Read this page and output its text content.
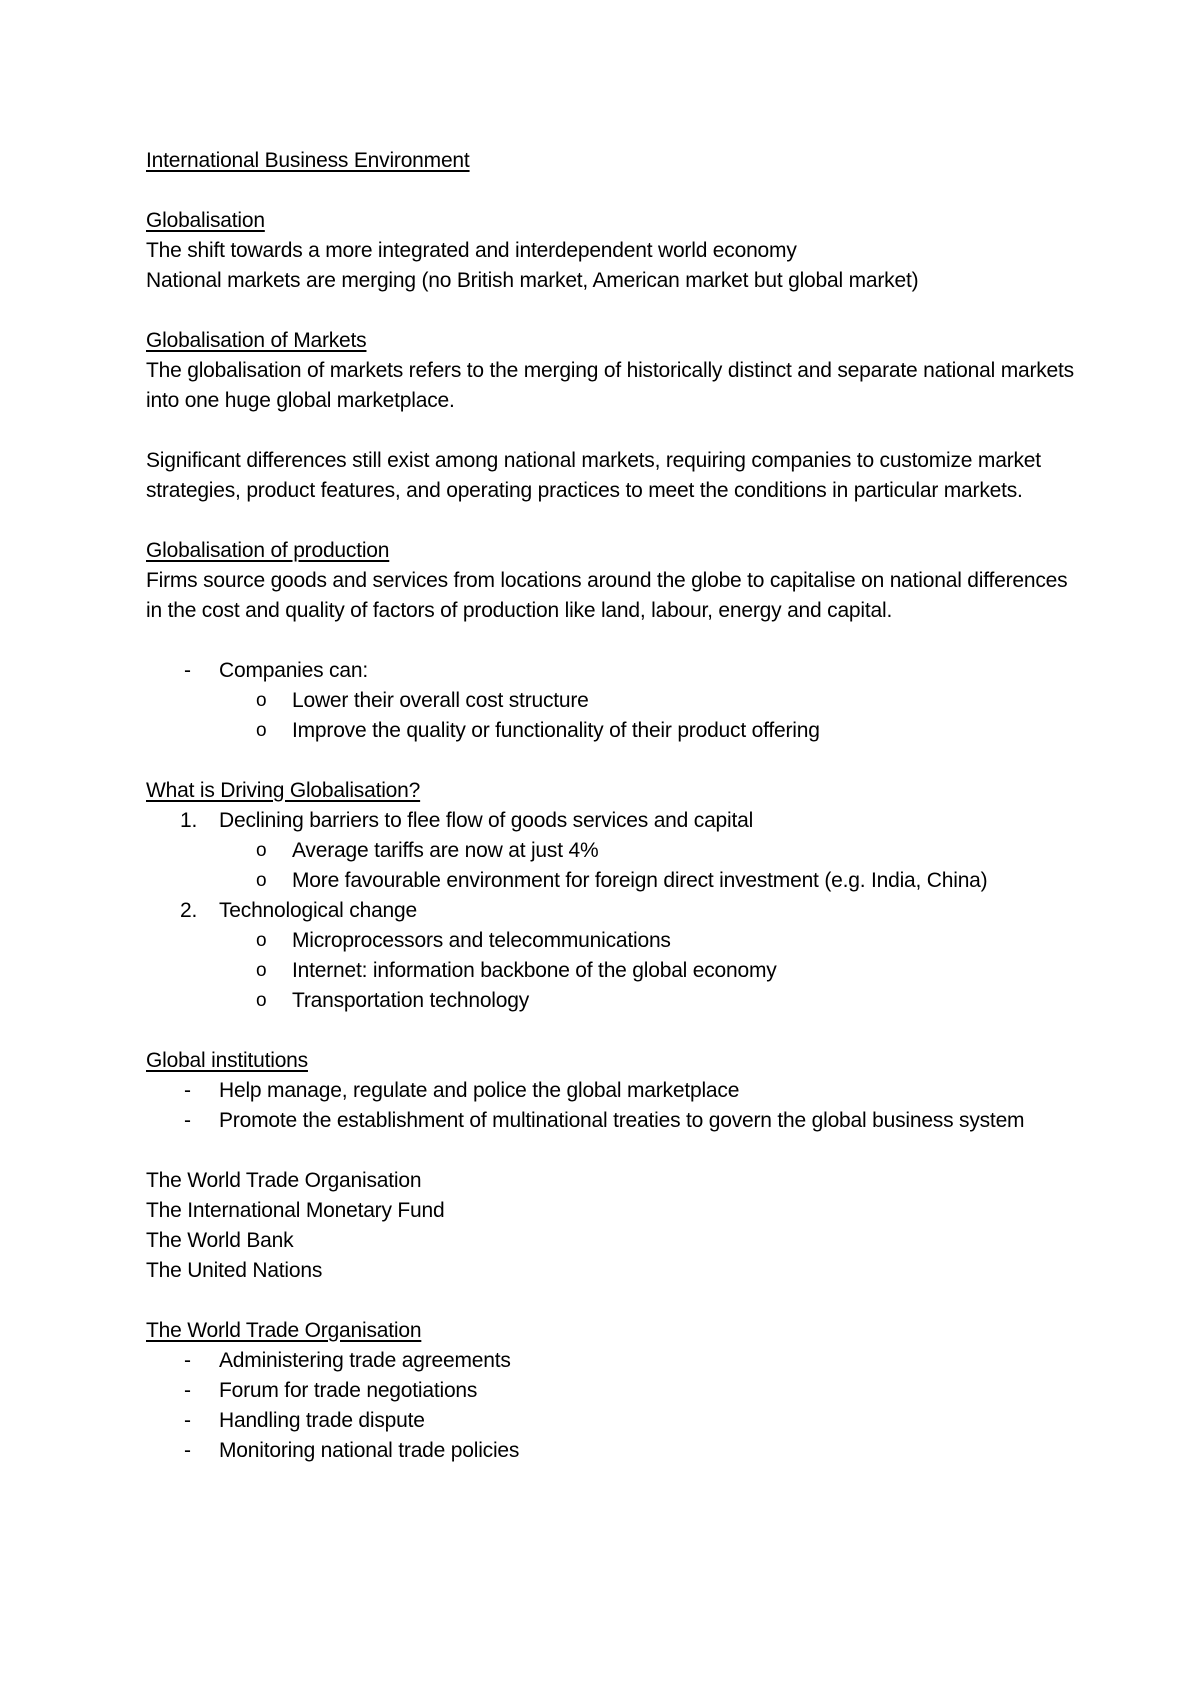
International Business Environment
Globalisation
The shift towards a more integrated and interdependent world economy
National markets are merging (no British market, American market but global market)
Globalisation of Markets
The globalisation of markets refers to the merging of historically distinct and separate national markets into one huge global marketplace.
Significant differences still exist among national markets, requiring companies to customize market strategies, product features, and operating practices to meet the conditions in particular markets.
Globalisation of production
Firms source goods and services from locations around the globe to capitalise on national differences in the cost and quality of factors of production like land, labour, energy and capital.
- Companies can:
o Lower their overall cost structure
o Improve the quality or functionality of their product offering
What is Driving Globalisation?
1. Declining barriers to flee flow of goods services and capital
o Average tariffs are now at just 4%
o More favourable environment for foreign direct investment (e.g. India, China)
2. Technological change
o Microprocessors and telecommunications
o Internet: information backbone of the global economy
o Transportation technology
Global institutions
- Help manage, regulate and police the global marketplace
- Promote the establishment of multinational treaties to govern the global business system
The World Trade Organisation
The International Monetary Fund
The World Bank
The United Nations
The World Trade Organisation
- Administering trade agreements
- Forum for trade negotiations
- Handling trade dispute
- Monitoring national trade policies
